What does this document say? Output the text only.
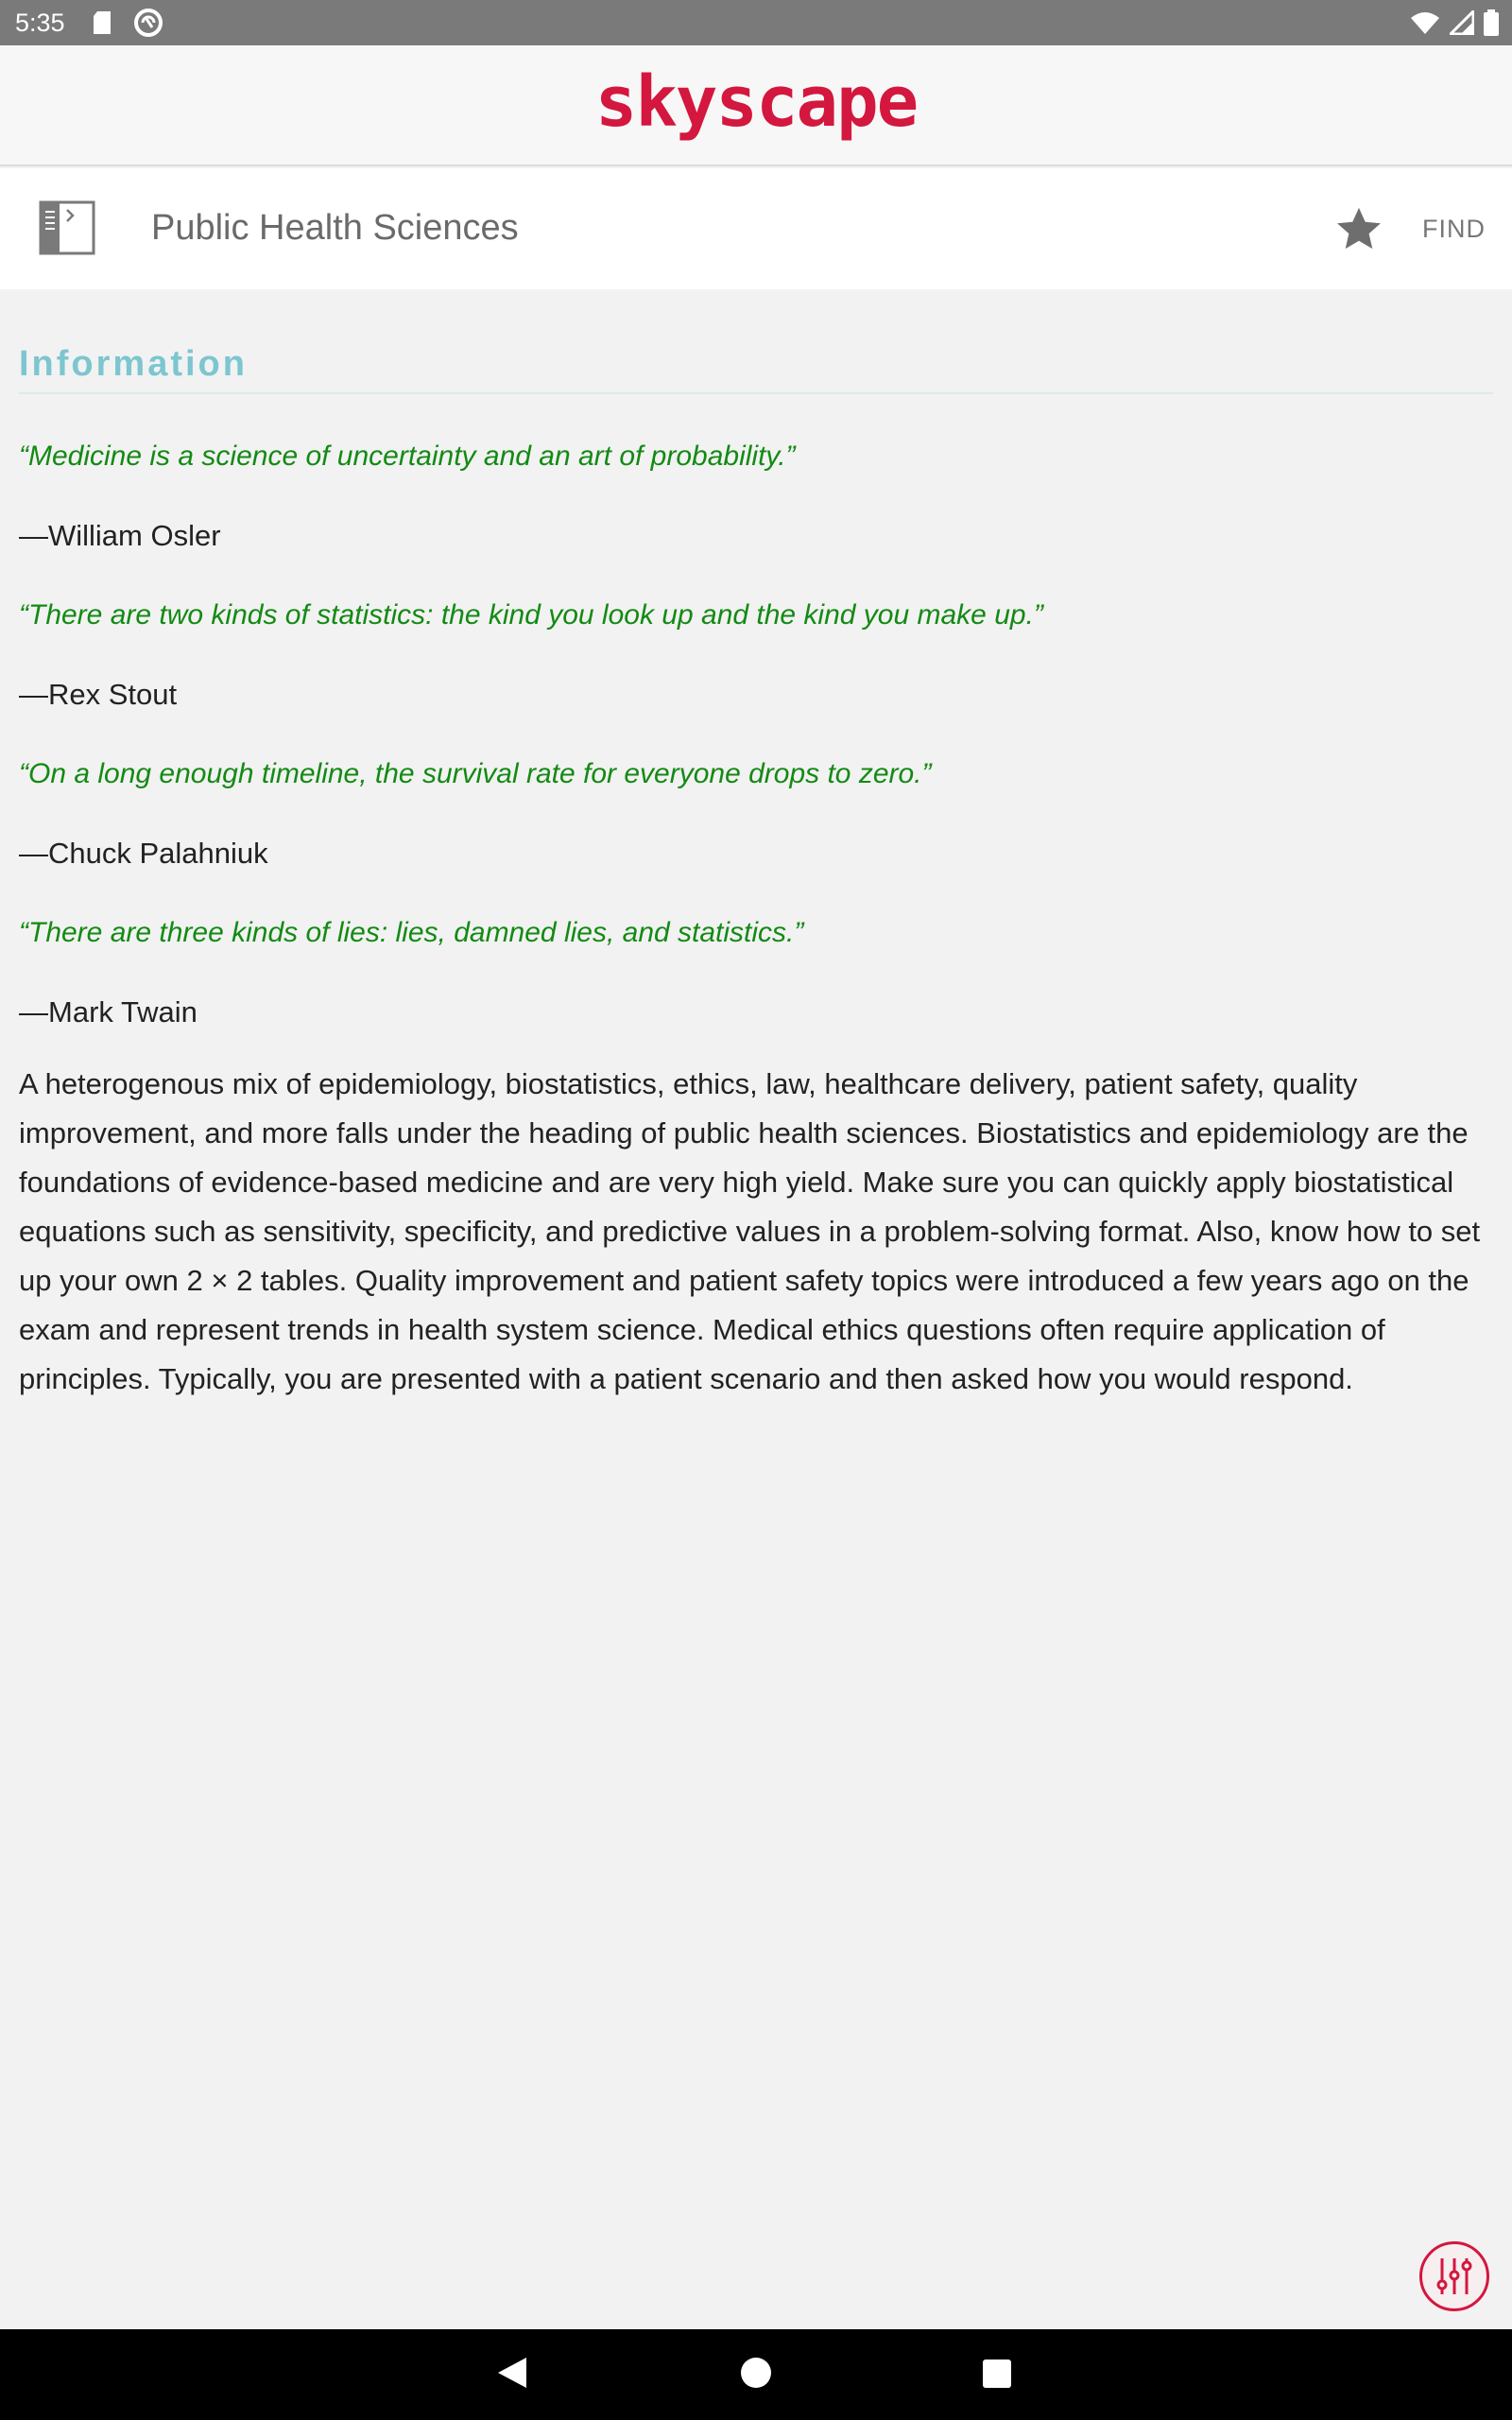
5:35
skyscape
Public Health Sciences	FIND
Information
“Medicine is a science of uncertainty and an art of probability.”
—William Osler
“There are two kinds of statistics: the kind you look up and the kind you make up.”
—Rex Stout
“On a long enough timeline, the survival rate for everyone drops to zero.”
—Chuck Palahniuk
“There are three kinds of lies: lies, damned lies, and statistics.”
—Mark Twain

A heterogenous mix of epidemiology, biostatistics, ethics, law, healthcare delivery, patient safety, quality improvement, and more falls under the heading of public health sciences. Biostatistics and epidemiology are the foundations of evidence-based medicine and are very high yield. Make sure you can quickly apply biostatistical equations such as sensitivity, specificity, and predictive values in a problem-solving format. Also, know how to set up your own 2 × 2 tables. Quality improvement and patient safety topics were introduced a few years ago on the exam and represent trends in health system science. Medical ethics questions often require application of principles. Typically, you are presented with a patient scenario and then asked how you would respond.
